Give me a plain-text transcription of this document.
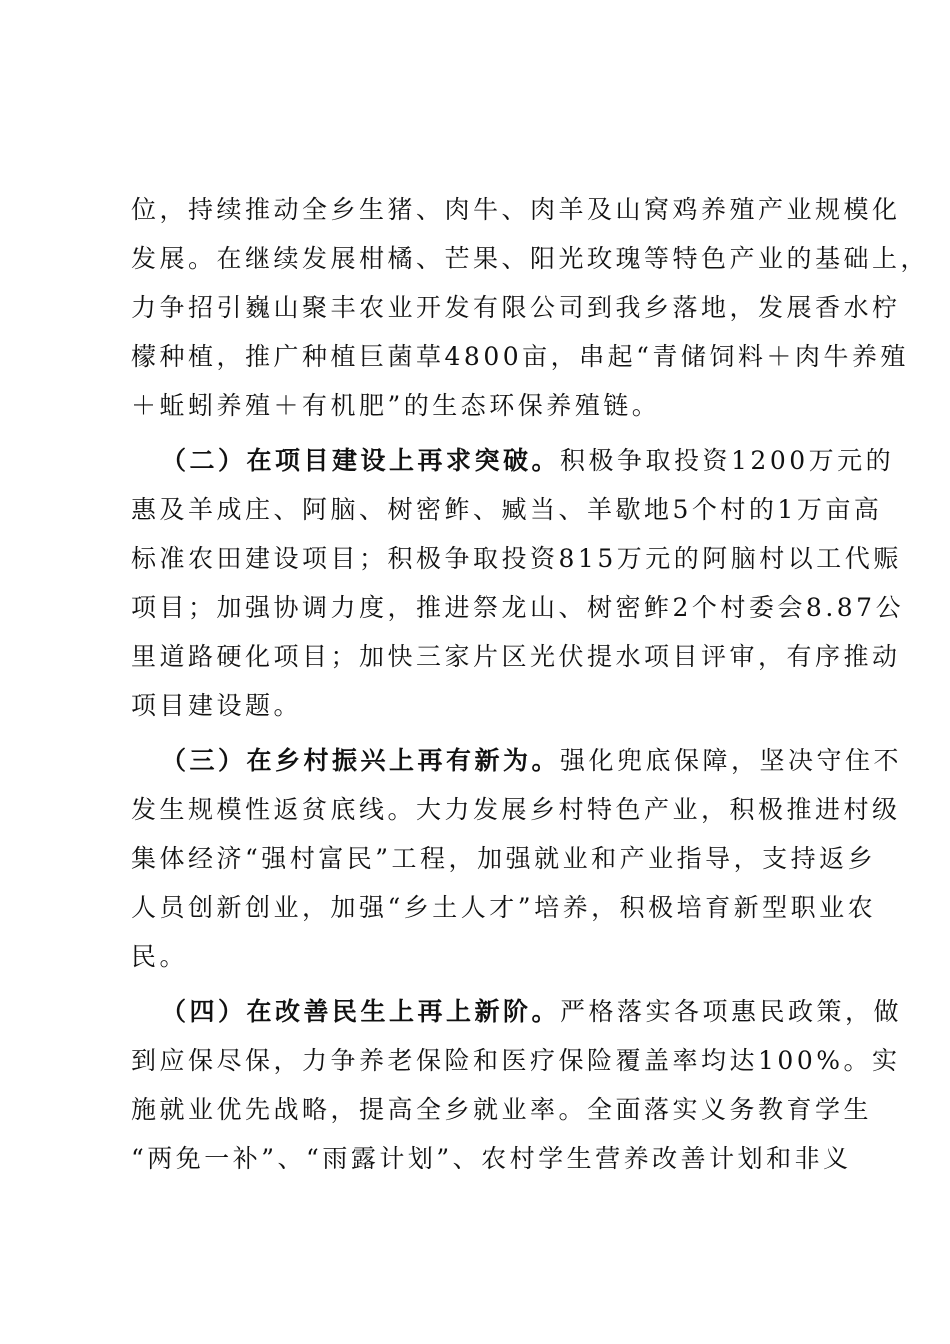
位，持续推动全乡生猪、肉牛、肉羊及山窝鸡养殖产业规模化
发展。在继续发展柑橘、芒果、阳光玫瑰等特色产业的基础上，
力争招引巍山聚丰农业开发有限公司到我乡落地，发展香水柠
檬种植，推广种植巨菌草4800亩，串起“青储饲料＋肉牛养殖
＋蚯蚓养殖＋有机肥”的生态环保养殖链。
（二）在项目建设上再求突破。积极争取投资1200万元的
惠及羊成庄、阿脑、树密鲊、臧当、羊歇地5个村的1万亩高
标准农田建设项目；积极争取投资815万元的阿脑村以工代赈
项目；加强协调力度，推进祭龙山、树密鲊2个村委会8.87公
里道路硬化项目；加快三家片区光伏提水项目评审，有序推动
项目建设题。
（三）在乡村振兴上再有新为。强化兜底保障，坚决守住不
发生规模性返贫底线。大力发展乡村特色产业，积极推进村级
集体经济“强村富民”工程，加强就业和产业指导，支持返乡
人员创新创业，加强“乡土人才”培养，积极培育新型职业农
民。
（四）在改善民生上再上新阶。严格落实各项惠民政策，做
到应保尽保，力争养老保险和医疗保险覆盖率均达100%。实
施就业优先战略，提高全乡就业率。全面落实义务教育学生
“两免一补”、“雨露计划”、农村学生营养改善计划和非义
